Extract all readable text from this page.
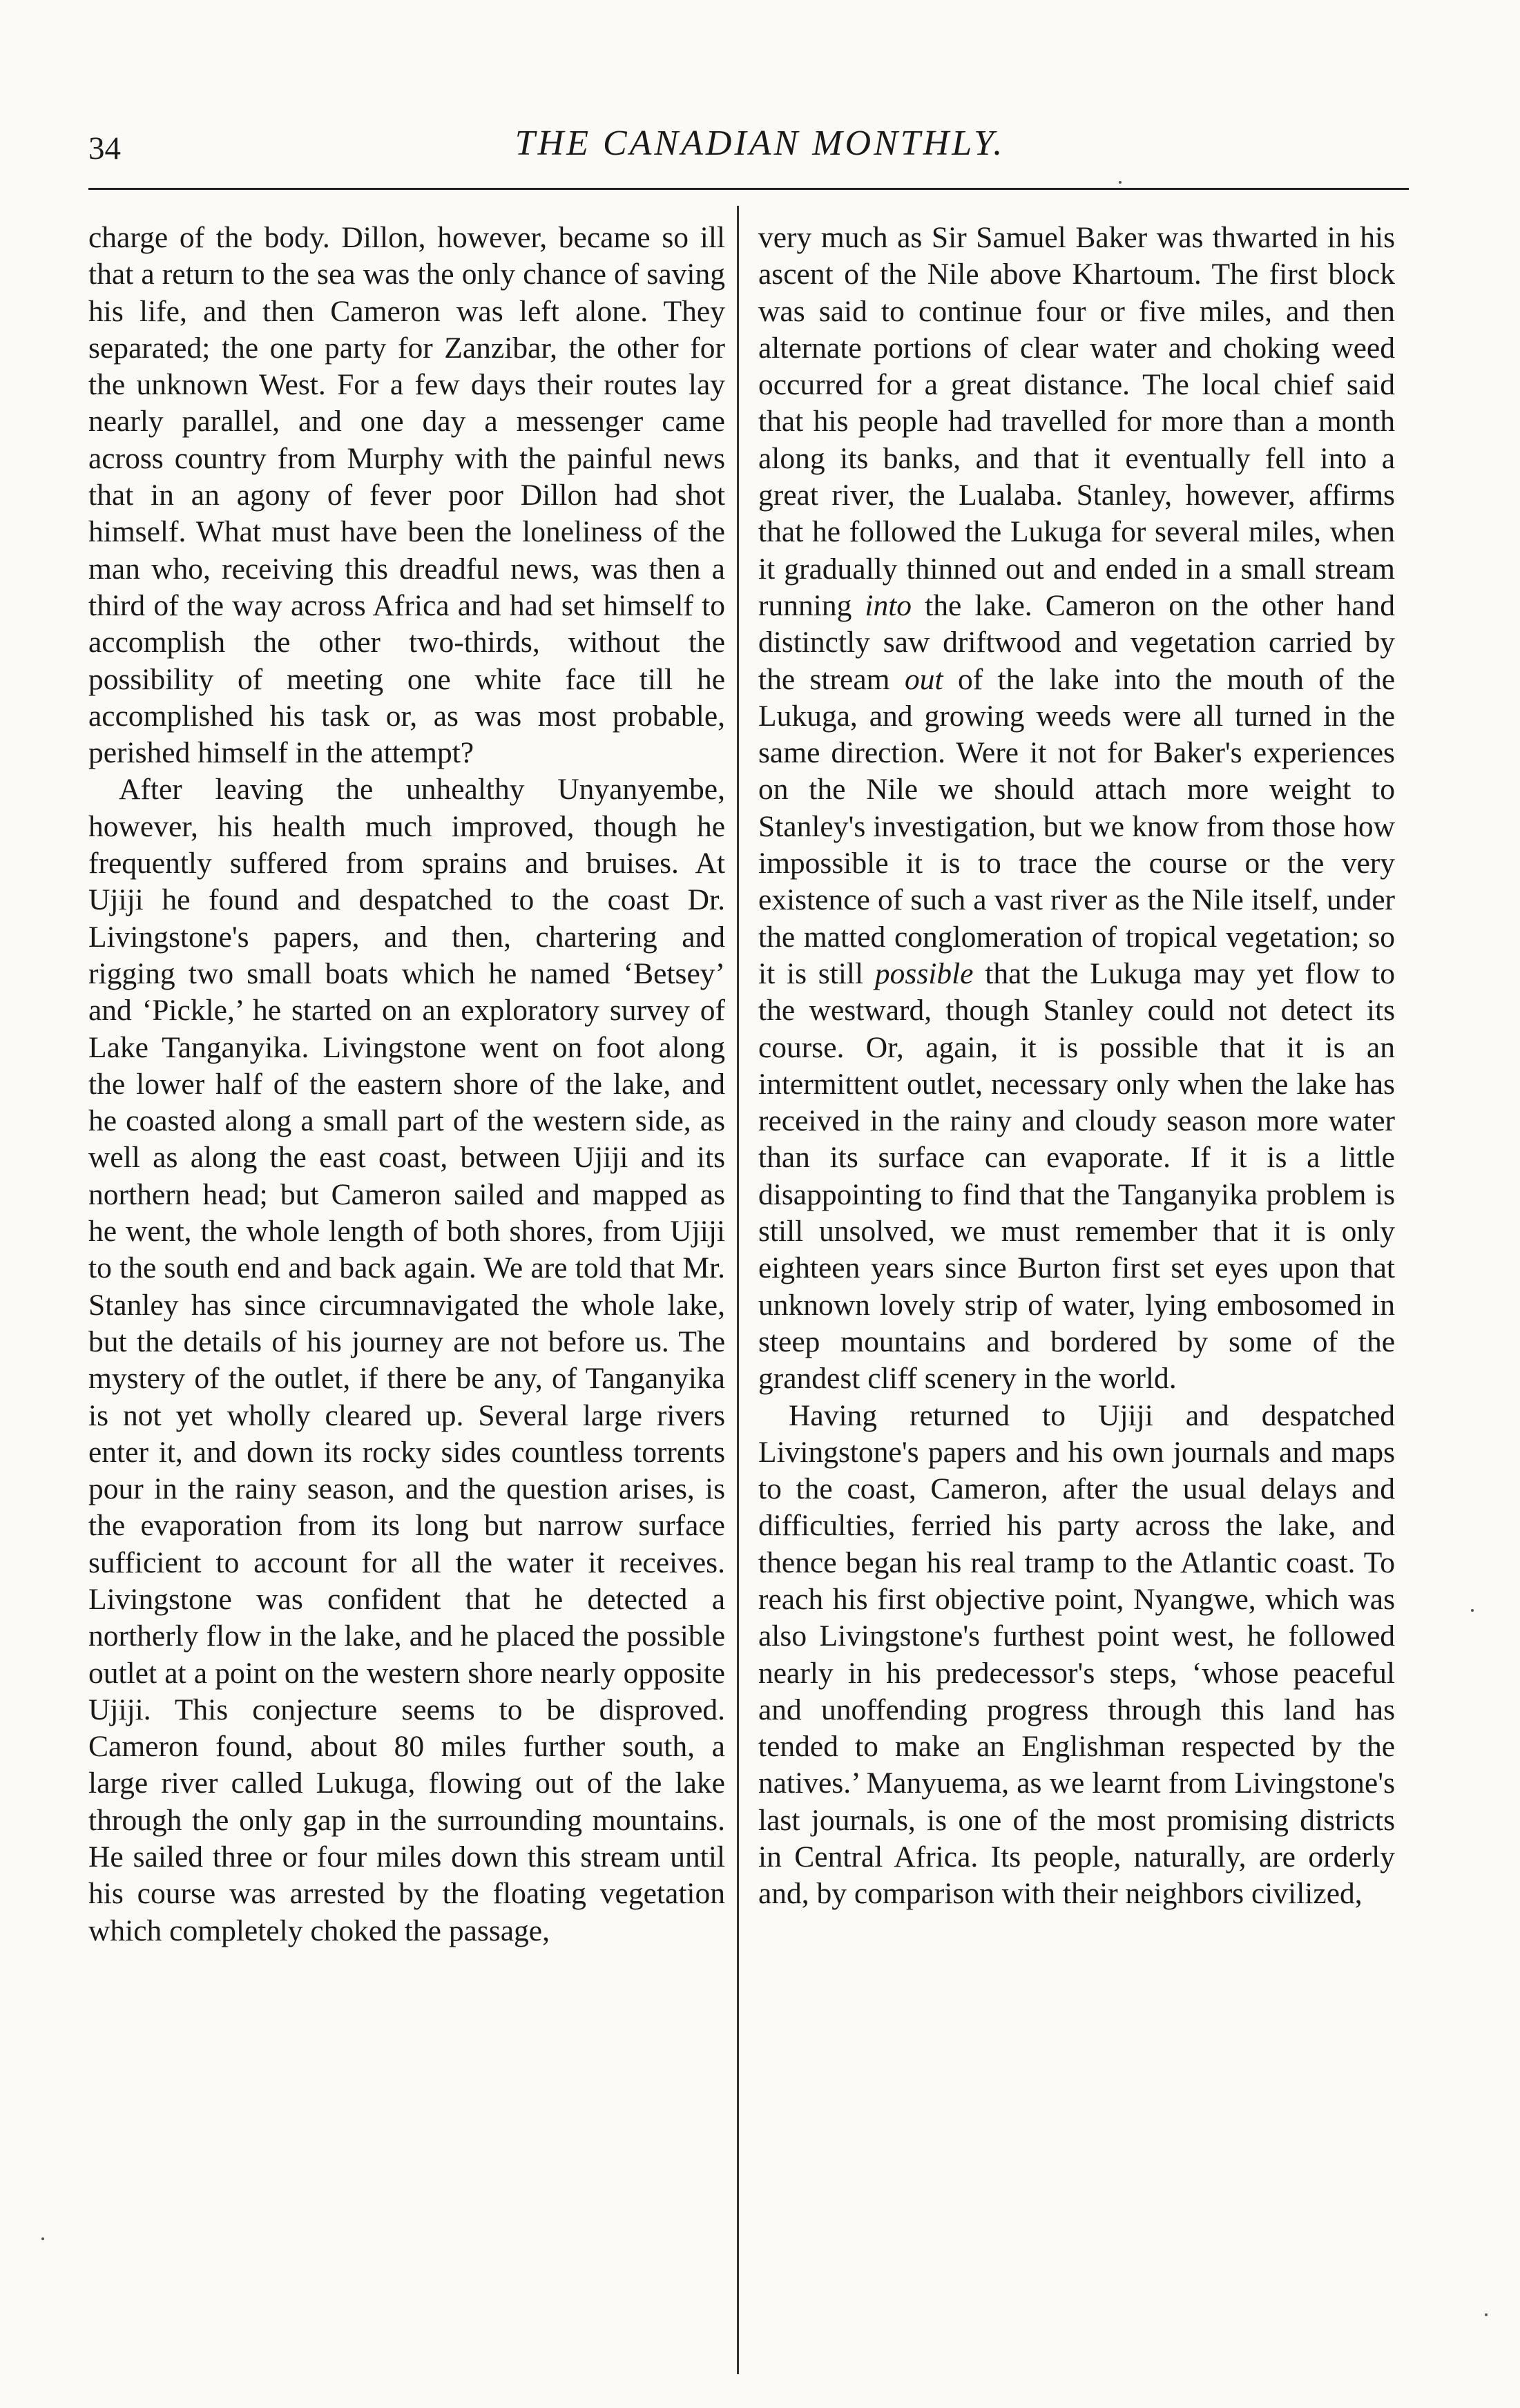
34	THE CANADIAN MONTHLY.

charge of the body. Dillon, however, became so ill that a return to the sea was the only chance of saving his life, and then Cameron was left alone. They separated; the one party for Zanzibar, the other for the unknown West. For a few days their routes lay nearly parallel, and one day a messenger came across country from Murphy with the painful news that in an agony of fever poor Dillon had shot himself. What must have been the loneliness of the man who, receiving this dreadful news, was then a third of the way across Africa and had set himself to accomplish the other two-thirds, without the possibility of meeting one white face till he accomplished his task or, as was most probable, perished himself in the attempt?

After leaving the unhealthy Unyanyembe, however, his health much improved, though he frequently suffered from sprains and bruises. At Ujiji he found and despatched to the coast Dr. Livingstone's papers, and then, chartering and rigging two small boats which he named ‘Betsey’ and ‘Pickle,’ he started on an exploratory survey of Lake Tanganyika. Livingstone went on foot along the lower half of the eastern shore of the lake, and he coasted along a small part of the western side, as well as along the east coast, between Ujiji and its northern head; but Cameron sailed and mapped as he went, the whole length of both shores, from Ujiji to the south end and back again. We are told that Mr. Stanley has since circumnavigated the whole lake, but the details of his journey are not before us. The mystery of the outlet, if there be any, of Tanganyika is not yet wholly cleared up. Several large rivers enter it, and down its rocky sides countless torrents pour in the rainy season, and the question arises, is the evaporation from its long but narrow surface sufficient to account for all the water it receives. Livingstone was confident that he detected a northerly flow in the lake, and he placed the possible outlet at a point on the western shore nearly opposite Ujiji. This conjecture seems to be disproved. Cameron found, about 80 miles further south, a large river called Lukuga, flowing out of the lake through the only gap in the surrounding mountains. He sailed three or four miles down this stream until his course was arrested by the floating vegetation which completely choked the passage,

very much as Sir Samuel Baker was thwarted in his ascent of the Nile above Khartoum. The first block was said to continue four or five miles, and then alternate portions of clear water and choking weed occurred for a great distance. The local chief said that his people had travelled for more than a month along its banks, and that it eventually fell into a great river, the Lualaba. Stanley, however, affirms that he followed the Lukuga for several miles, when it gradually thinned out and ended in a small stream running into the lake. Cameron on the other hand distinctly saw driftwood and vegetation carried by the stream out of the lake into the mouth of the Lukuga, and growing weeds were all turned in the same direction. Were it not for Baker's experiences on the Nile we should attach more weight to Stanley's investigation, but we know from those how impossible it is to trace the course or the very existence of such a vast river as the Nile itself, under the matted conglomeration of tropical vegetation; so it is still possible that the Lukuga may yet flow to the westward, though Stanley could not detect its course. Or, again, it is possible that it is an intermittent outlet, necessary only when the lake has received in the rainy and cloudy season more water than its surface can evaporate. If it is a little disappointing to find that the Tanganyika problem is still unsolved, we must remember that it is only eighteen years since Burton first set eyes upon that unknown lovely strip of water, lying embosomed in steep mountains and bordered by some of the grandest cliff scenery in the world.

Having returned to Ujiji and despatched Livingstone's papers and his own journals and maps to the coast, Cameron, after the usual delays and difficulties, ferried his party across the lake, and thence began his real tramp to the Atlantic coast. To reach his first objective point, Nyangwe, which was also Livingstone's furthest point west, he followed nearly in his predecessor's steps, ‘whose peaceful and unoffending progress through this land has tended to make an Englishman respected by the natives.’ Manyuema, as we learnt from Livingstone's last journals, is one of the most promising districts in Central Africa. Its people, naturally, are orderly and, by comparison with their neighbors civilized,
